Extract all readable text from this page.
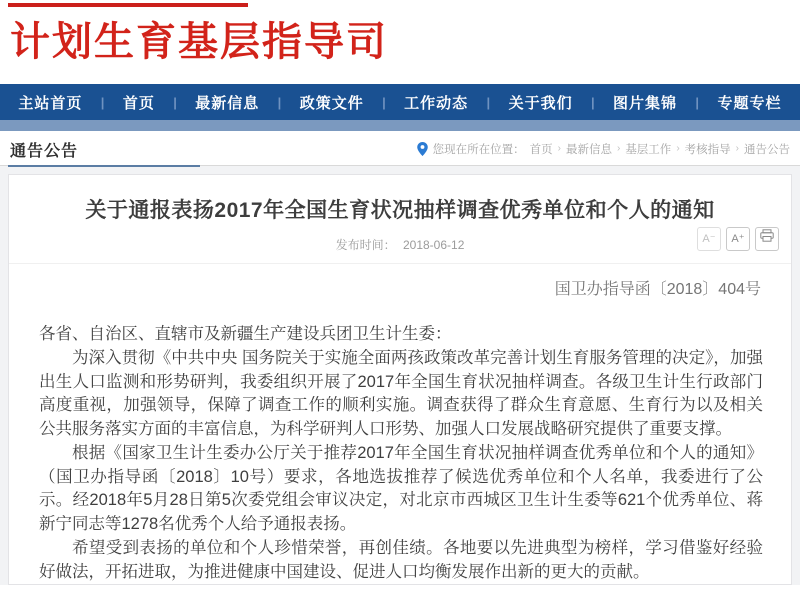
计划生育基层指导司
主站首页 | 首页 | 最新信息 | 政策文件 | 工作动态 | 关于我们 | 图片集锦 | 专题专栏
通告公告	您现在所在位置： 首页 › 最新信息 › 基层工作 › 考核指导 › 通告公告
关于通报表扬2017年全国生育状况抽样调查优秀单位和个人的通知
发布时间： 2018-06-12	A⁻	A⁺
国卫办指导函〔2018〕404号

各省、自治区、直辖市及新疆生产建设兵团卫生计生委：

为深入贯彻《中共中央 国务院关于实施全面两孩政策改革完善计划生育服务管理的决定》，加强出生人口监测和形势研判，我委组织开展了2017年全国生育状况抽样调查。各级卫生计生行政部门高度重视，加强领导，保障了调查工作的顺利实施。调查获得了群众生育意愿、生育行为以及相关公共服务落实方面的丰富信息，为科学研判人口形势、加强人口发展战略研究提供了重要支撑。

根据《国家卫生计生委办公厅关于推荐2017年全国生育状况抽样调查优秀单位和个人的通知》（国卫办指导函〔2018〕10号）要求，各地选拔推荐了候选优秀单位和个人名单，我委进行了公示。经2018年5月28日第5次委党组会审议决定，对北京市西城区卫生计生委等621个优秀单位、蒋新宁同志等1278名优秀个人给予通报表扬。

希望受到表扬的单位和个人珍惜荣誉，再创佳绩。各地要以先进典型为榜样，学习借鉴好经验好做法，开拓进取，为推进健康中国建设、促进人口均衡发展作出新的更大的贡献。
